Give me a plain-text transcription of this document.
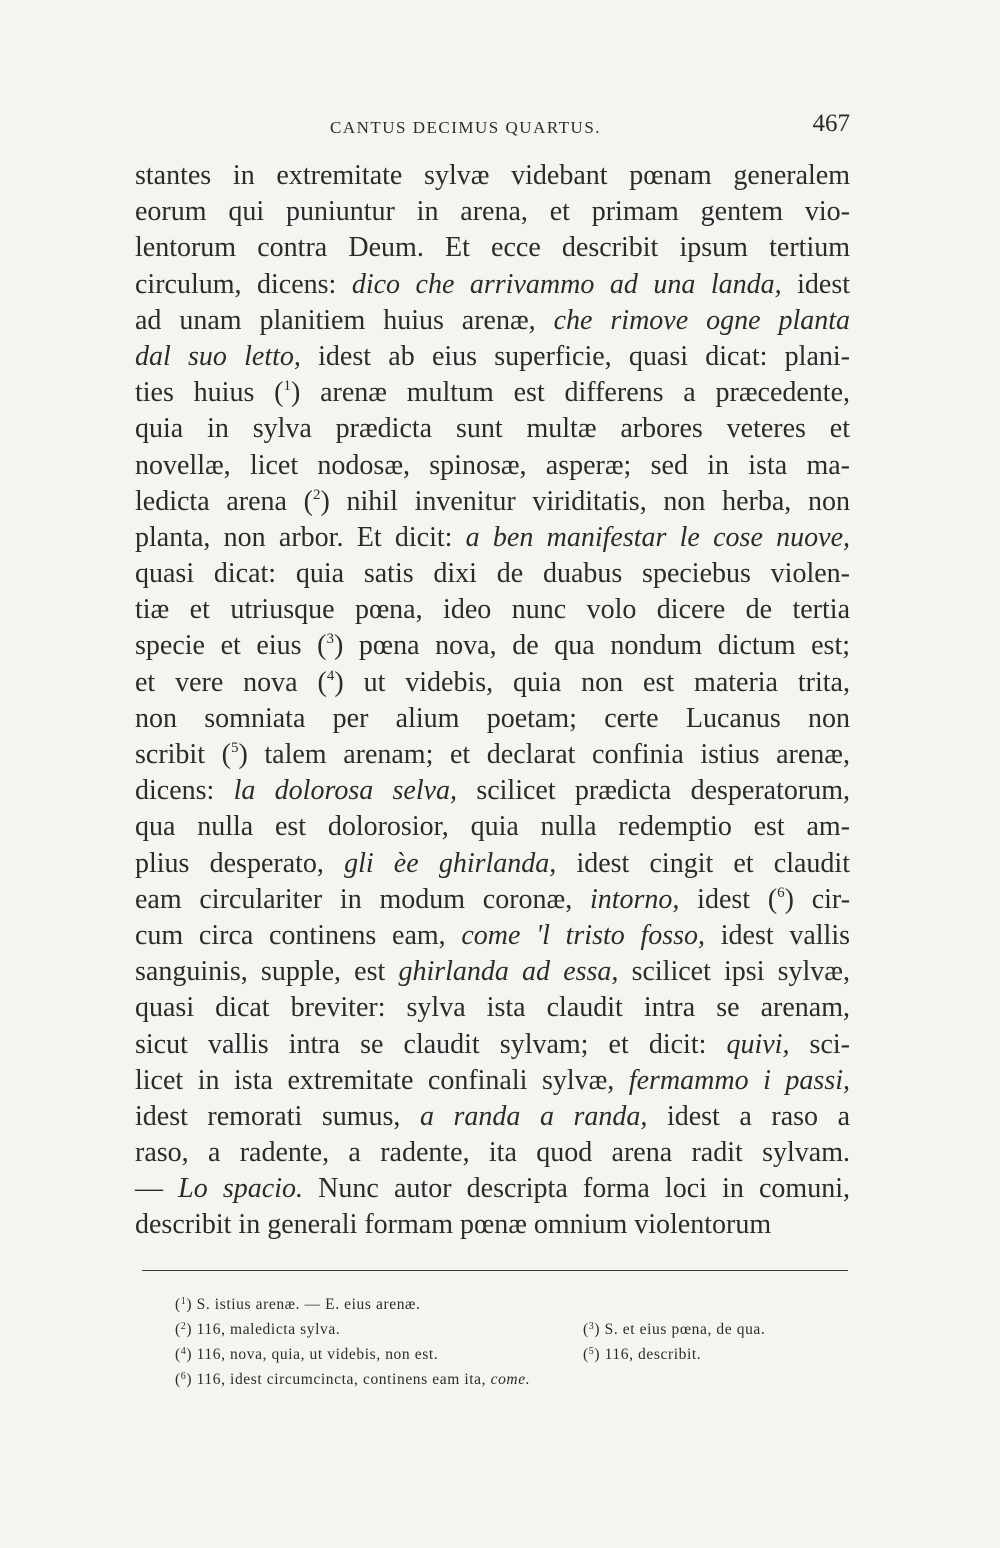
CANTUS DECIMUS QUARTUS.	467
stantes in extremitate sylvæ videbant pœnam generalem
eorum qui puniuntur in arena, et primam gentem vio-
lentorum contra Deum. Et ecce describit ipsum tertium
circulum, dicens: dico che arrivammo ad una landa, idest
ad unam planitiem huius arenæ, che rimove ogne planta
dal suo letto, idest ab eius superficie, quasi dicat: plani-
ties huius ($^1$) arenæ multum est differens a præcedente,
quia in sylva prædicta sunt multæ arbores veteres et
novellæ, licet nodosæ, spinosæ, asperæ; sed in ista ma-
ledicta arena ($^2$) nihil invenitur viriditatis, non herba, non
planta, non arbor. Et dicit: a ben manifestar le cose nuove,
quasi dicat: quia satis dixi de duabus speciebus violen-
tiæ et utriusque pœna, ideo nunc volo dicere de tertia
specie et eius ($^3$) pœna nova, de qua nondum dictum est;
et vere nova ($^4$) ut videbis, quia non est materia trita,
non somniata per alium poetam; certe Lucanus non
scribit ($^5$) talem arenam; et declarat confinia istius arenæ,
dicens: la dolorosa selva, scilicet prædicta desperatorum,
qua nulla est dolorosior, quia nulla redemptio est am-
plius desperato, gli èe ghirlanda, idest cingit et claudit
eam circulariter in modum coronæ, intorno, idest ($^6$) cir-
cum circa continens eam, come 'l tristo fosso, idest vallis
sanguinis, supple, est ghirlanda ad essa, scilicet ipsi sylvæ,
quasi dicat breviter: sylva ista claudit intra se arenam,
sicut vallis intra se claudit sylvam; et dicit: quivi, sci-
licet in ista extremitate confinali sylvæ, fermammo i passi,
idest remorati sumus, a randa a randa, idest a raso a
raso, a radente, a radente, ita quod arena radit sylvam.
— Lo spacio. Nunc autor descripta forma loci in comuni,
describit in generali formam pœnæ omnium violentorum
($^1$) S. istius arenæ. — E. eius arenæ.
($^2$) 116, maledicta sylva.	($^3$) S. et eius pœna, de qua.
($^4$) 116, nova, quia, ut videbis, non est.	($^5$) 116, describit.
($^6$) 116, idest circumcincta, continens eam ita, come.
